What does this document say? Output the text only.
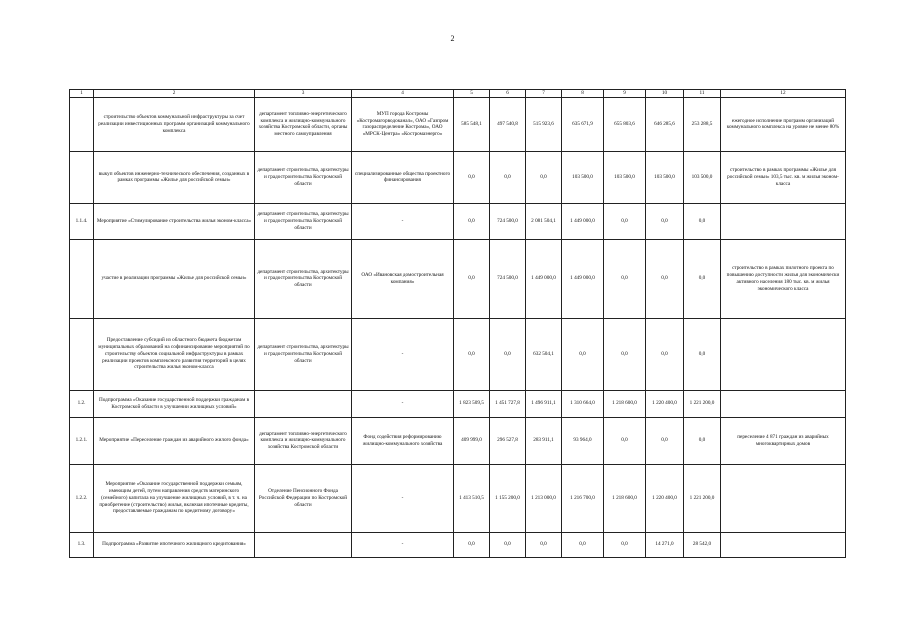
2
1	2	3	4	5	6	7	8	9	10	11	12
	строительство объектов коммунальной инфраструктуры за счет реализации инвестиционных программ организаций коммунального комплекса	департамент топливно-энергетического комплекса и жилищно-коммунального хозяйства Костромской области, органы местного самоуправления	МУП города Костромы «Костромагорводоканал», ОАО «Газпром газораспределение Кострома», ОАО «МРСК-Центра» «Костромаэнерго»	585 548,1	497 540,8	515 923,6	635 671,9	655 803,6	646 285,6	253 288,5	ежегодное исполнение программ организаций коммунального комплекса на уровне не менее 80%
	выкуп объектов инженерно-технического обеспечения, созданных в рамках программы «Жилье для российской семьи»	департамент строительства, архитектуры и градостроительства Костромской области	специализированные общества проектного финансирования	0,0	0,0	0,0	103 500,0	103 500,0	103 500,0	103 500,0	строительство в рамках программы «Жилье для российской семьи» 103,5 тыс. кв. м жилья эконом-класса
1.1.4.	Мероприятие «Стимулирование строительства жилья эконом-класса»	департамент строительства, архитектуры и градостроительства Костромской области	-	0,0	724 500,0	2 081 504,1	1 449 000,0	0,0	0,0	0,0	
	участие в реализации программы «Жилье для российской семьи»	департамент строительства, архитектуры и градостроительства Костромской области	ОАО «Ивановская домостроительная компания»	0,0	724 500,0	1 449 000,0	1 449 000,0	0,0	0,0	0,0	строительство в рамках пилотного проекта по повышению доступности жилья для экономически активного населения 180 тыс. кв. м жилья экономического класса
	Предоставление субсидий из областного бюджета бюджетам муниципальных образований на софинансирование мероприятий по строительству объектов социальной инфраструктуры в рамках реализации проектов комплексного развития территорий в целях строительства жилья эконом-класса	департамент строительства, архитектуры и градостроительства Костромской области	-	0,0	0,0	632 504,1	0,0	0,0	0,0	0,0	
1.2.	Подпрограмма «Оказание государственной поддержки гражданам в Костромской области в улучшении жилищных условий»		-	1 823 509,5	1 451 727,8	1 496 911,1	1 310 664,0	1 218 600,0	1 220 400,0	1 221 200,0	
1.2.1.	Мероприятие «Переселение граждан из аварийного жилого фонда»	департамент топливно-энергетического комплекса и жилищно-коммунального хозяйства Костромской области	Фонд содействия реформированию жилищно-коммунального хозяйства	409 999,0	296 527,8	283 911,1	93 964,0	0,0	0,0	0,0	переселение 4 871 граждан из аварийных многоквартирных домов
1.2.2.	Мероприятие «Оказание государственной поддержки семьям, имеющим детей, путем направления средств материнского (семейного) капитала на улучшение жилищных условий, в т. ч. на приобретение (строительство) жилья, включая ипотечные кредиты, предоставляемые гражданам по кредитному договору»	Отделение Пенсионного Фонда Российской Федерации по Костромской области	-	1 413 510,5	1 155 200,0	1 213 000,0	1 216 700,0	1 218 600,0	1 220 400,0	1 221 200,0	
1.3.	Подпрограмма «Развитие ипотечного жилищного кредитования»		-	0,0	0,0	0,0	0,0	0,0	14 271,0	28 542,0	
